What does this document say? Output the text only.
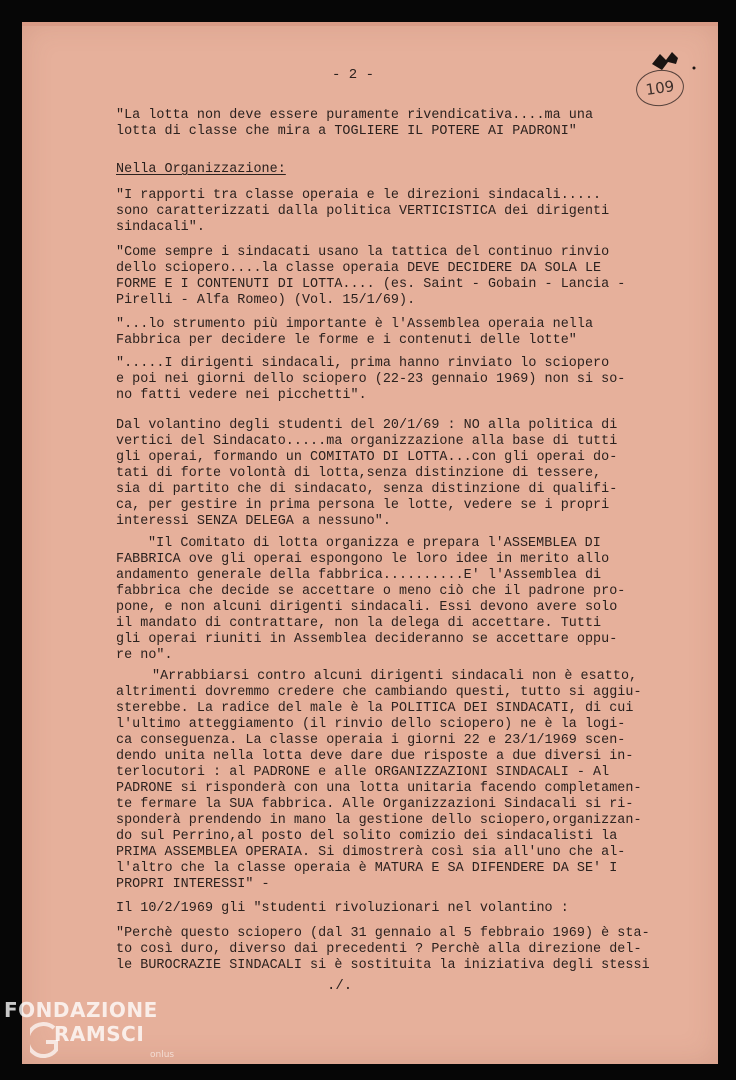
- 2 -
109
"La lotta non deve essere puramente rivendicativa....ma una
lotta di classe che mira a TOGLIERE IL POTERE AI PADRONI"
Nella Organizzazione:
"I rapporti tra classe operaia e le direzioni sindacali.....
sono caratterizzati dalla politica VERTICISTICA dei dirigenti
sindacali".
"Come sempre i sindacati usano la tattica del continuo rinvio
dello sciopero....la classe operaia DEVE DECIDERE DA SOLA LE
FORME E I CONTENUTI DI LOTTA.... (es. Saint - Gobain - Lancia -
Pirelli - Alfa Romeo) (Vol. 15/1/69).
"...lo strumento più importante è l'Assemblea operaia nella
Fabbrica per decidere le forme e i contenuti delle lotte"
".....I dirigenti sindacali, prima hanno rinviato lo sciopero
e poi nei giorni dello sciopero (22-23 gennaio 1969) non si so-
no fatti vedere nei picchetti".
Dal volantino degli studenti del 20/1/69 : NO alla politica di
vertici del Sindacato.....ma organizzazione alla base di tutti
gli operai, formando un COMITATO DI LOTTA...con gli operai do-
tati di forte volontà di lotta,senza distinzione di tessere,
sia di partito che di sindacato, senza distinzione di qualifi-
ca, per gestire in prima persona le lotte, vedere se i propri
interessi SENZA DELEGA a nessuno".
"Il Comitato di lotta organizza e prepara l'ASSEMBLEA DI
FABBRICA ove gli operai espongono le loro idee in merito allo
andamento generale della fabbrica..........E' l'Assemblea di
fabbrica che decide se accettare o meno ciò che il padrone pro-
pone, e non alcuni dirigenti sindacali. Essi devono avere solo
il mandato di contrattare, non la delega di accettare. Tutti
gli operai riuniti in Assemblea decideranno se accettare oppu-
re no".
"Arrabbiarsi contro alcuni dirigenti sindacali non è esatto,
altrimenti dovremmo credere che cambiando questi, tutto si aggiu-
sterebbe. La radice del male è la POLITICA DEI SINDACATI, di cui
l'ultimo atteggiamento (il rinvio dello sciopero) ne è la logi-
ca conseguenza. La classe operaia i giorni 22 e 23/1/1969 scen-
dendo unita nella lotta deve dare due risposte a due diversi in-
terlocutori : al PADRONE e alle ORGANIZZAZIONI SINDACALI - Al
PADRONE si risponderà con una lotta unitaria facendo completamen-
te fermare la SUA fabbrica. Alle Organizzazioni Sindacali si ri-
sponderà prendendo in mano la gestione dello sciopero,organizzan-
do sul Perrino,al posto del solito comizio dei sindacalisti la
PRIMA ASSEMBLEA OPERAIA. Si dimostrerà così sia all'uno che al-
l'altro che la classe operaia è MATURA E SA DIFENDERE DA SE' I
PROPRI INTERESSI" -
Il 10/2/1969 gli "studenti rivoluzionari nel volantino :
"Perchè questo sciopero (dal 31 gennaio al 5 febbraio 1969) è sta-
to così duro, diverso dai precedenti ? Perchè alla direzione del-
le BUROCRAZIE SINDACALI si è sostituita la iniziativa degli stessi
./.
FONDAZIONE
RAMSCI
onlus
